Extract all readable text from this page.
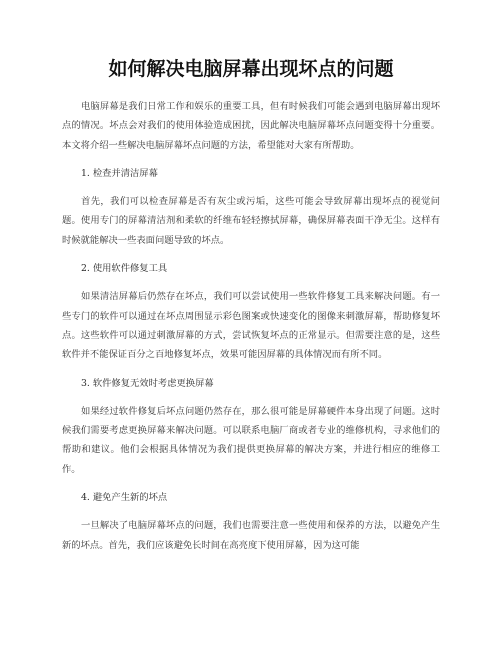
如何解决电脑屏幕出现坏点的问题

电脑屏幕是我们日常工作和娱乐的重要工具，但有时候我们可能会遇到电脑屏幕出现坏点的情况。坏点会对我们的使用体验造成困扰，因此解决电脑屏幕坏点问题变得十分重要。本文将介绍一些解决电脑屏幕坏点问题的方法，希望能对大家有所帮助。

1. 检查并清洁屏幕

首先，我们可以检查屏幕是否有灰尘或污垢，这些可能会导致屏幕出现坏点的视觉问题。使用专门的屏幕清洁剂和柔软的纤维布轻轻擦拭屏幕，确保屏幕表面干净无尘。这样有时候就能解决一些表面问题导致的坏点。

2. 使用软件修复工具

如果清洁屏幕后仍然存在坏点，我们可以尝试使用一些软件修复工具来解决问题。有一些专门的软件可以通过在坏点周围显示彩色图案或快速变化的图像来刺激屏幕，帮助修复坏点。这些软件可以通过刺激屏幕的方式，尝试恢复坏点的正常显示。但需要注意的是，这些软件并不能保证百分之百地修复坏点，效果可能因屏幕的具体情况而有所不同。

3. 软件修复无效时考虑更换屏幕

如果经过软件修复后坏点问题仍然存在，那么很可能是屏幕硬件本身出现了问题。这时候我们需要考虑更换屏幕来解决问题。可以联系电脑厂商或者专业的维修机构，寻求他们的帮助和建议。他们会根据具体情况为我们提供更换屏幕的解决方案，并进行相应的维修工作。

4. 避免产生新的坏点

一旦解决了电脑屏幕坏点的问题，我们也需要注意一些使用和保养的方法，以避免产生新的坏点。首先，我们应该避免长时间在高亮度下使用屏幕，因为这可能
